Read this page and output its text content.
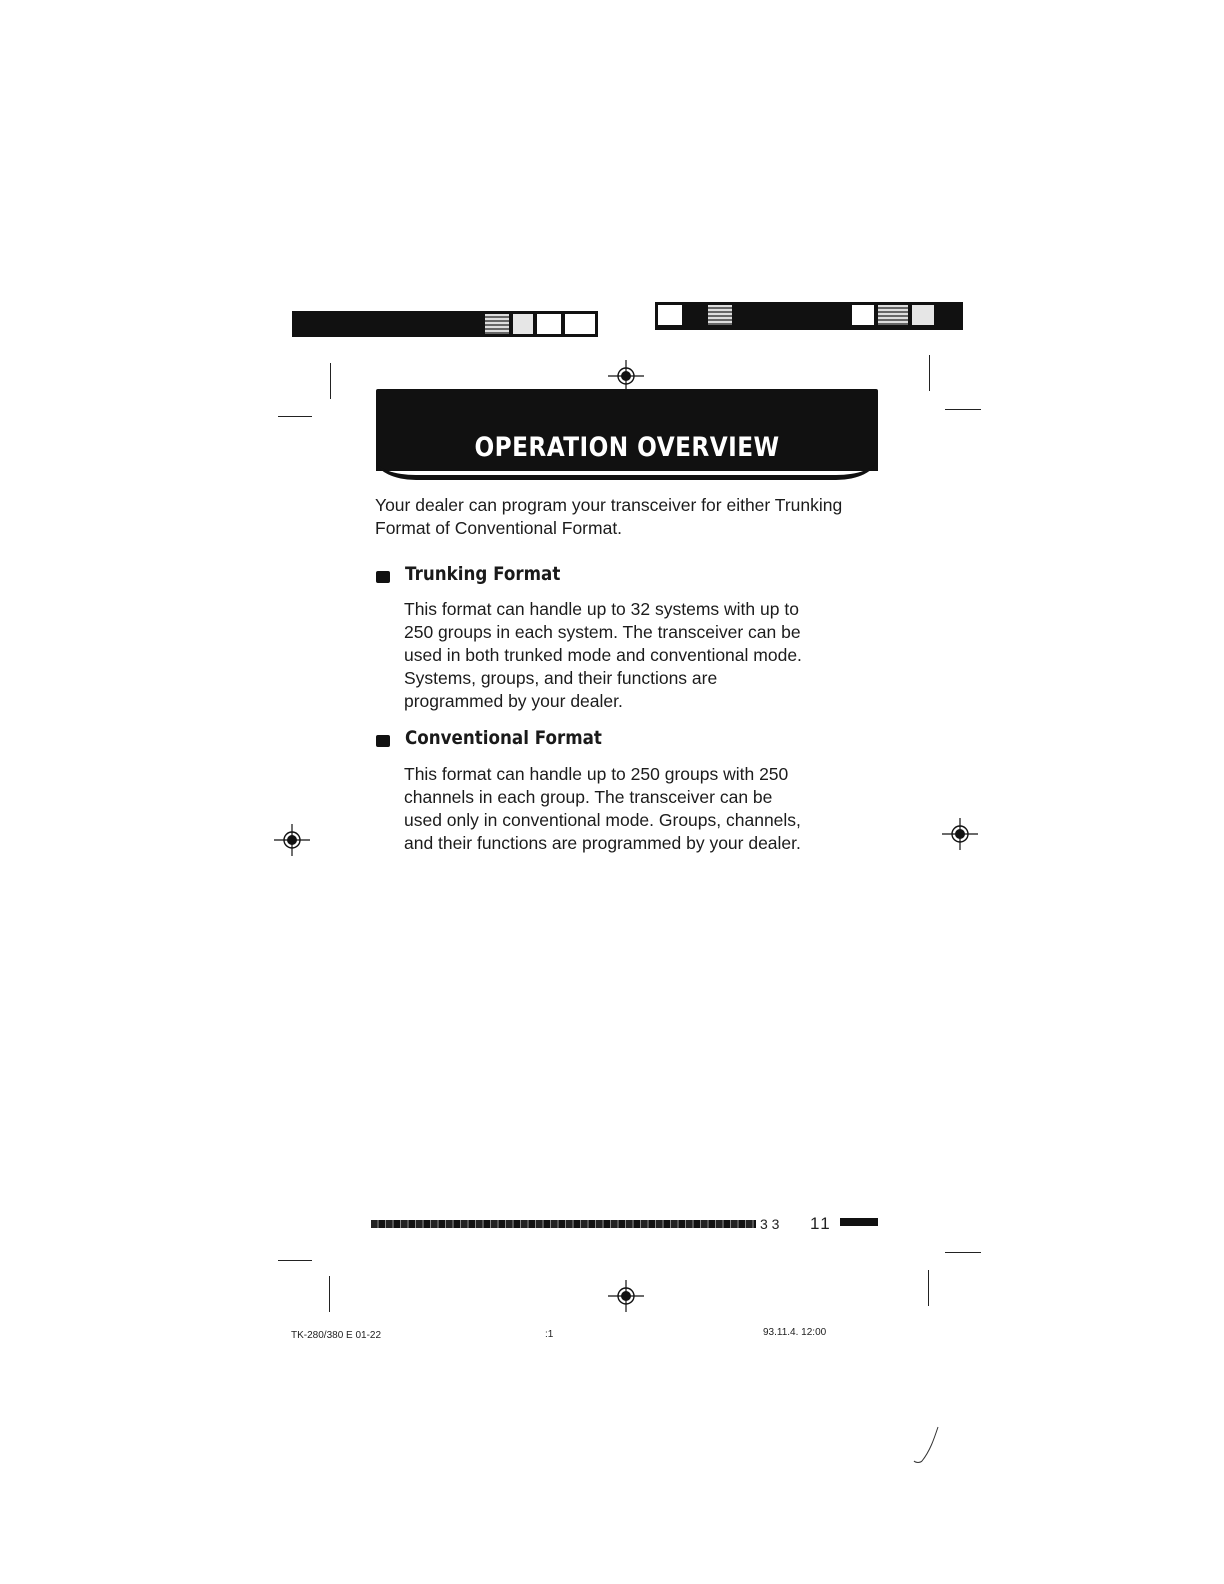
OPERATION OVERVIEW
Your dealer can program your transceiver for either Trunking Format of Conventional Format.
Trunking Format

This format can handle up to 32 systems with up to

250 groups in each system. The transceiver can be

used in both trunked mode and conventional mode.

Systems, groups, and their functions are

programmed by your dealer.

Conventional Format

This format can handle up to 250 groups with 250

channels in each group. The transceiver can be

used only in conventional mode. Groups, channels,

and their functions are programmed by your dealer.

3 3 11
TK-280/380 E 01-22	:1	93.11.4. 12:00
